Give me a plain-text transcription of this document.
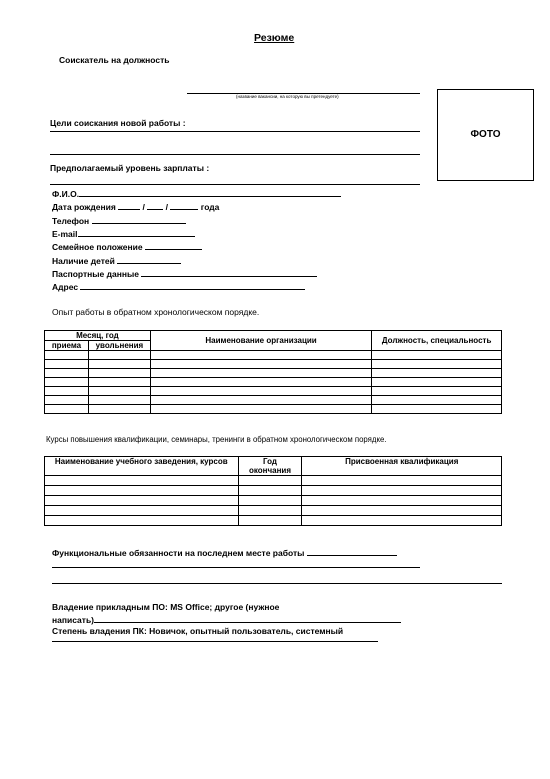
Резюме
Соискатель на должность
(название вакансии, на которую вы претендуете)
ФОТО
Цели соискания новой работы :
Предполагаемый уровень зарплаты :
Ф.И.О.
Дата рождения	/ /	года
Телефон
E-mail
Семейное положение
Наличие детей
Паспортные данные
Адрес
Опыт работы в обратном хронологическом порядке.
Месяц, год		Наименование организации	Должность, специальность
приема	увольнения		

Курсы повышения квалификации, семинары, тренинги в обратном хронологическом порядке.
Наименование учебного заведения, курсов	Год	Присвоенная квалификация
	окончания	

Функциональные обязанности на последнем месте работы
Владение прикладным ПО: MS Office; другое (нужное
написать)
Степень владения ПК: Новичок, опытный пользователь, системный
